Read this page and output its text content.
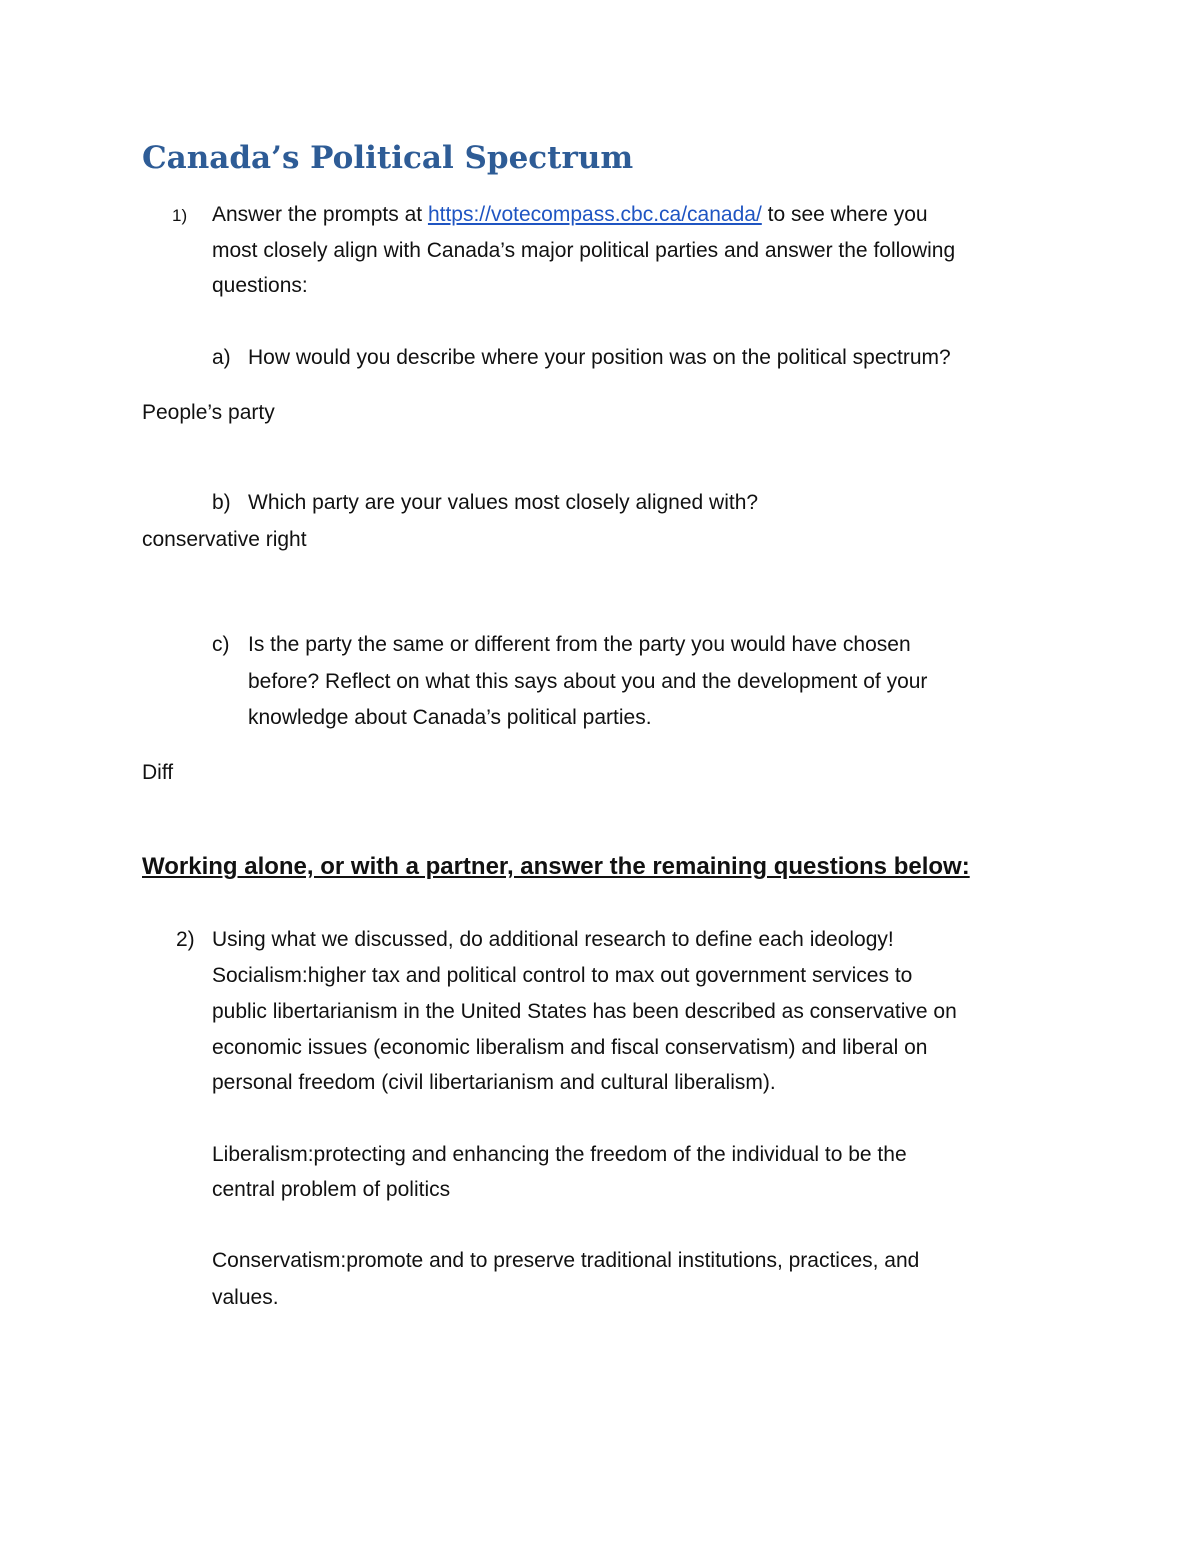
Canada’s Political Spectrum
1) Answer the prompts at https://votecompass.cbc.ca/canada/ to see where you
most closely align with Canada’s major political parties and answer the following
questions:
a) How would you describe where your position was on the political spectrum?
People’s party
b) Which party are your values most closely aligned with?
conservative right
c) Is the party the same or different from the party you would have chosen
before? Reflect on what this says about you and the development of your
knowledge about Canada’s political parties.
Diff
Working alone, or with a partner, answer the remaining questions below:
2) Using what we discussed, do additional research to define each ideology!
Socialism:higher tax and political control to max out government services to
public libertarianism in the United States has been described as conservative on
economic issues (economic liberalism and fiscal conservatism) and liberal on
personal freedom (civil libertarianism and cultural liberalism).
Liberalism:protecting and enhancing the freedom of the individual to be the
central problem of politics
Conservatism:promote and to preserve traditional institutions, practices, and
values.
